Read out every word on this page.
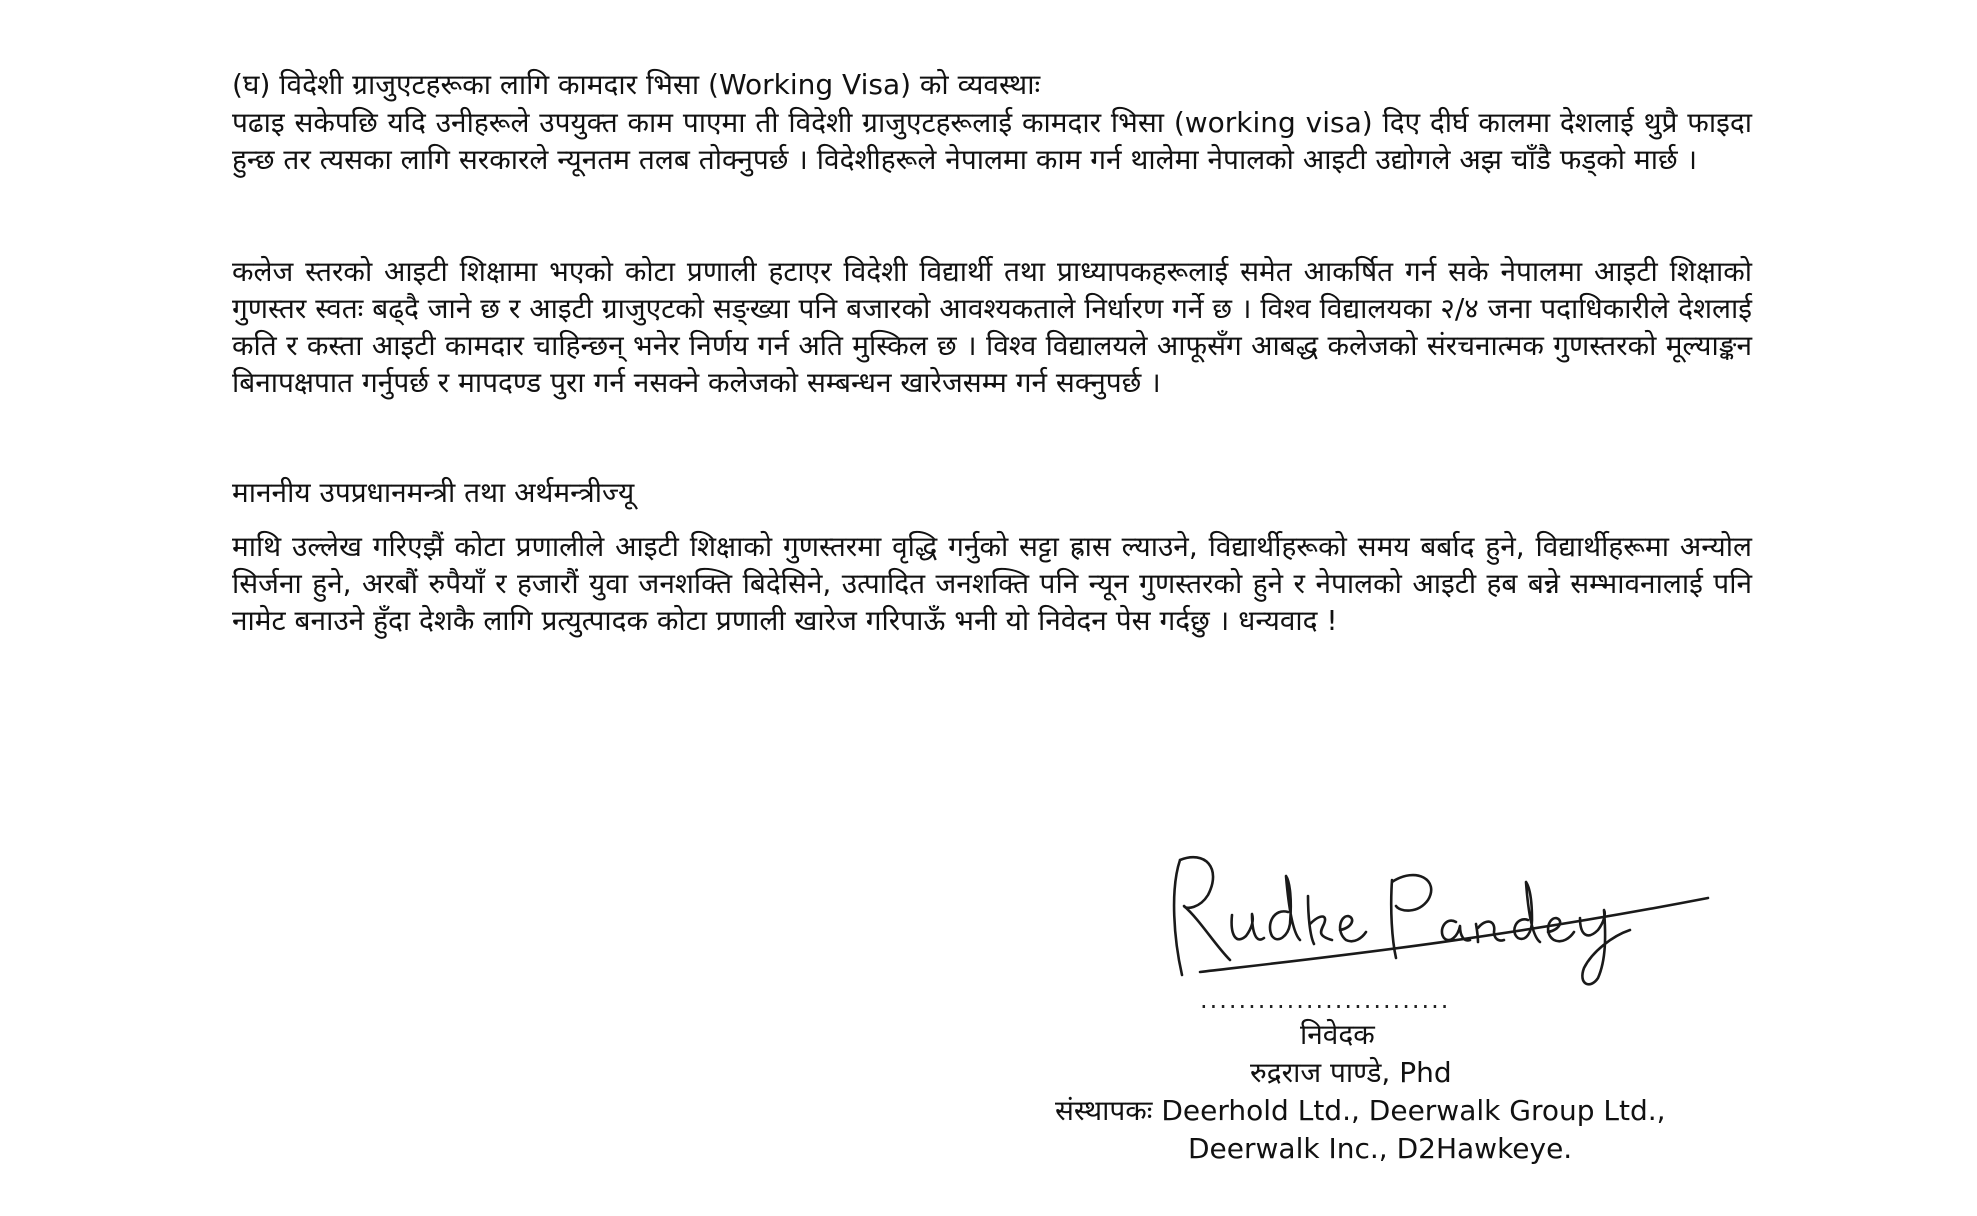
(घ) विदेशी ग्राजुएटहरूका लागि कामदार भिसा (Working Visa) को व्यवस्थाः

पढाइ सकेपछि यदि उनीहरूले उपयुक्त काम पाएमा ती विदेशी ग्राजुएटहरूलाई कामदार भिसा (working visa) दिए दीर्घ कालमा देशलाई थुप्रै फाइदा हुन्छ तर त्यसका लागि सरकारले न्यूनतम तलब तोक्नुपर्छ । विदेशीहरूले नेपालमा काम गर्न थालेमा नेपालको आइटी उद्योगले अझ चाँडै फड्को मार्छ ।

कलेज स्तरको आइटी शिक्षामा भएको कोटा प्रणाली हटाएर विदेशी विद्यार्थी तथा प्राध्यापकहरूलाई समेत आकर्षित गर्न सके नेपालमा आइटी शिक्षाको गुणस्तर स्वतः बढ्दै जाने छ र आइटी ग्राजुएटको सङ्ख्या पनि बजारको आवश्यकताले निर्धारण गर्ने छ । विश्व विद्यालयका २/४ जना पदाधिकारीले देशलाई कति र कस्ता आइटी कामदार चाहिन्छन् भनेर निर्णय गर्न अति मुस्किल छ । विश्व विद्यालयले आफूसँग आबद्ध कलेजको संरचनात्मक गुणस्तरको मूल्याङ्कन बिनापक्षपात गर्नुपर्छ र मापदण्ड पुरा गर्न नसक्ने कलेजको सम्बन्धन खारेजसम्म गर्न सक्नुपर्छ ।

माननीय उपप्रधानमन्त्री तथा अर्थमन्त्रीज्यू

माथि उल्लेख गरिएझैं कोटा प्रणालीले आइटी शिक्षाको गुणस्तरमा वृद्धि गर्नुको सट्टा ह्रास ल्याउने, विद्यार्थीहरूको समय बर्बाद हुने, विद्यार्थीहरूमा अन्योल सिर्जना हुने, अरबौं रुपैयाँ र हजारौं युवा जनशक्ति बिदेसिने, उत्पादित जनशक्ति पनि न्यून गुणस्तरको हुने र नेपालको आइटी हब बन्ने सम्भावनालाई पनि नामेट बनाउने हुँदा देशकै लागि प्रत्युत्पादक कोटा प्रणाली खारेज गरिपाऊँ भनी यो निवेदन पेस गर्दछु । धन्यवाद !

..........................
निवेदक
रुद्रराज पाण्डे, Phd
संस्थापकः Deerhold Ltd., Deerwalk Group Ltd.,
Deerwalk Inc., D2Hawkeye.
